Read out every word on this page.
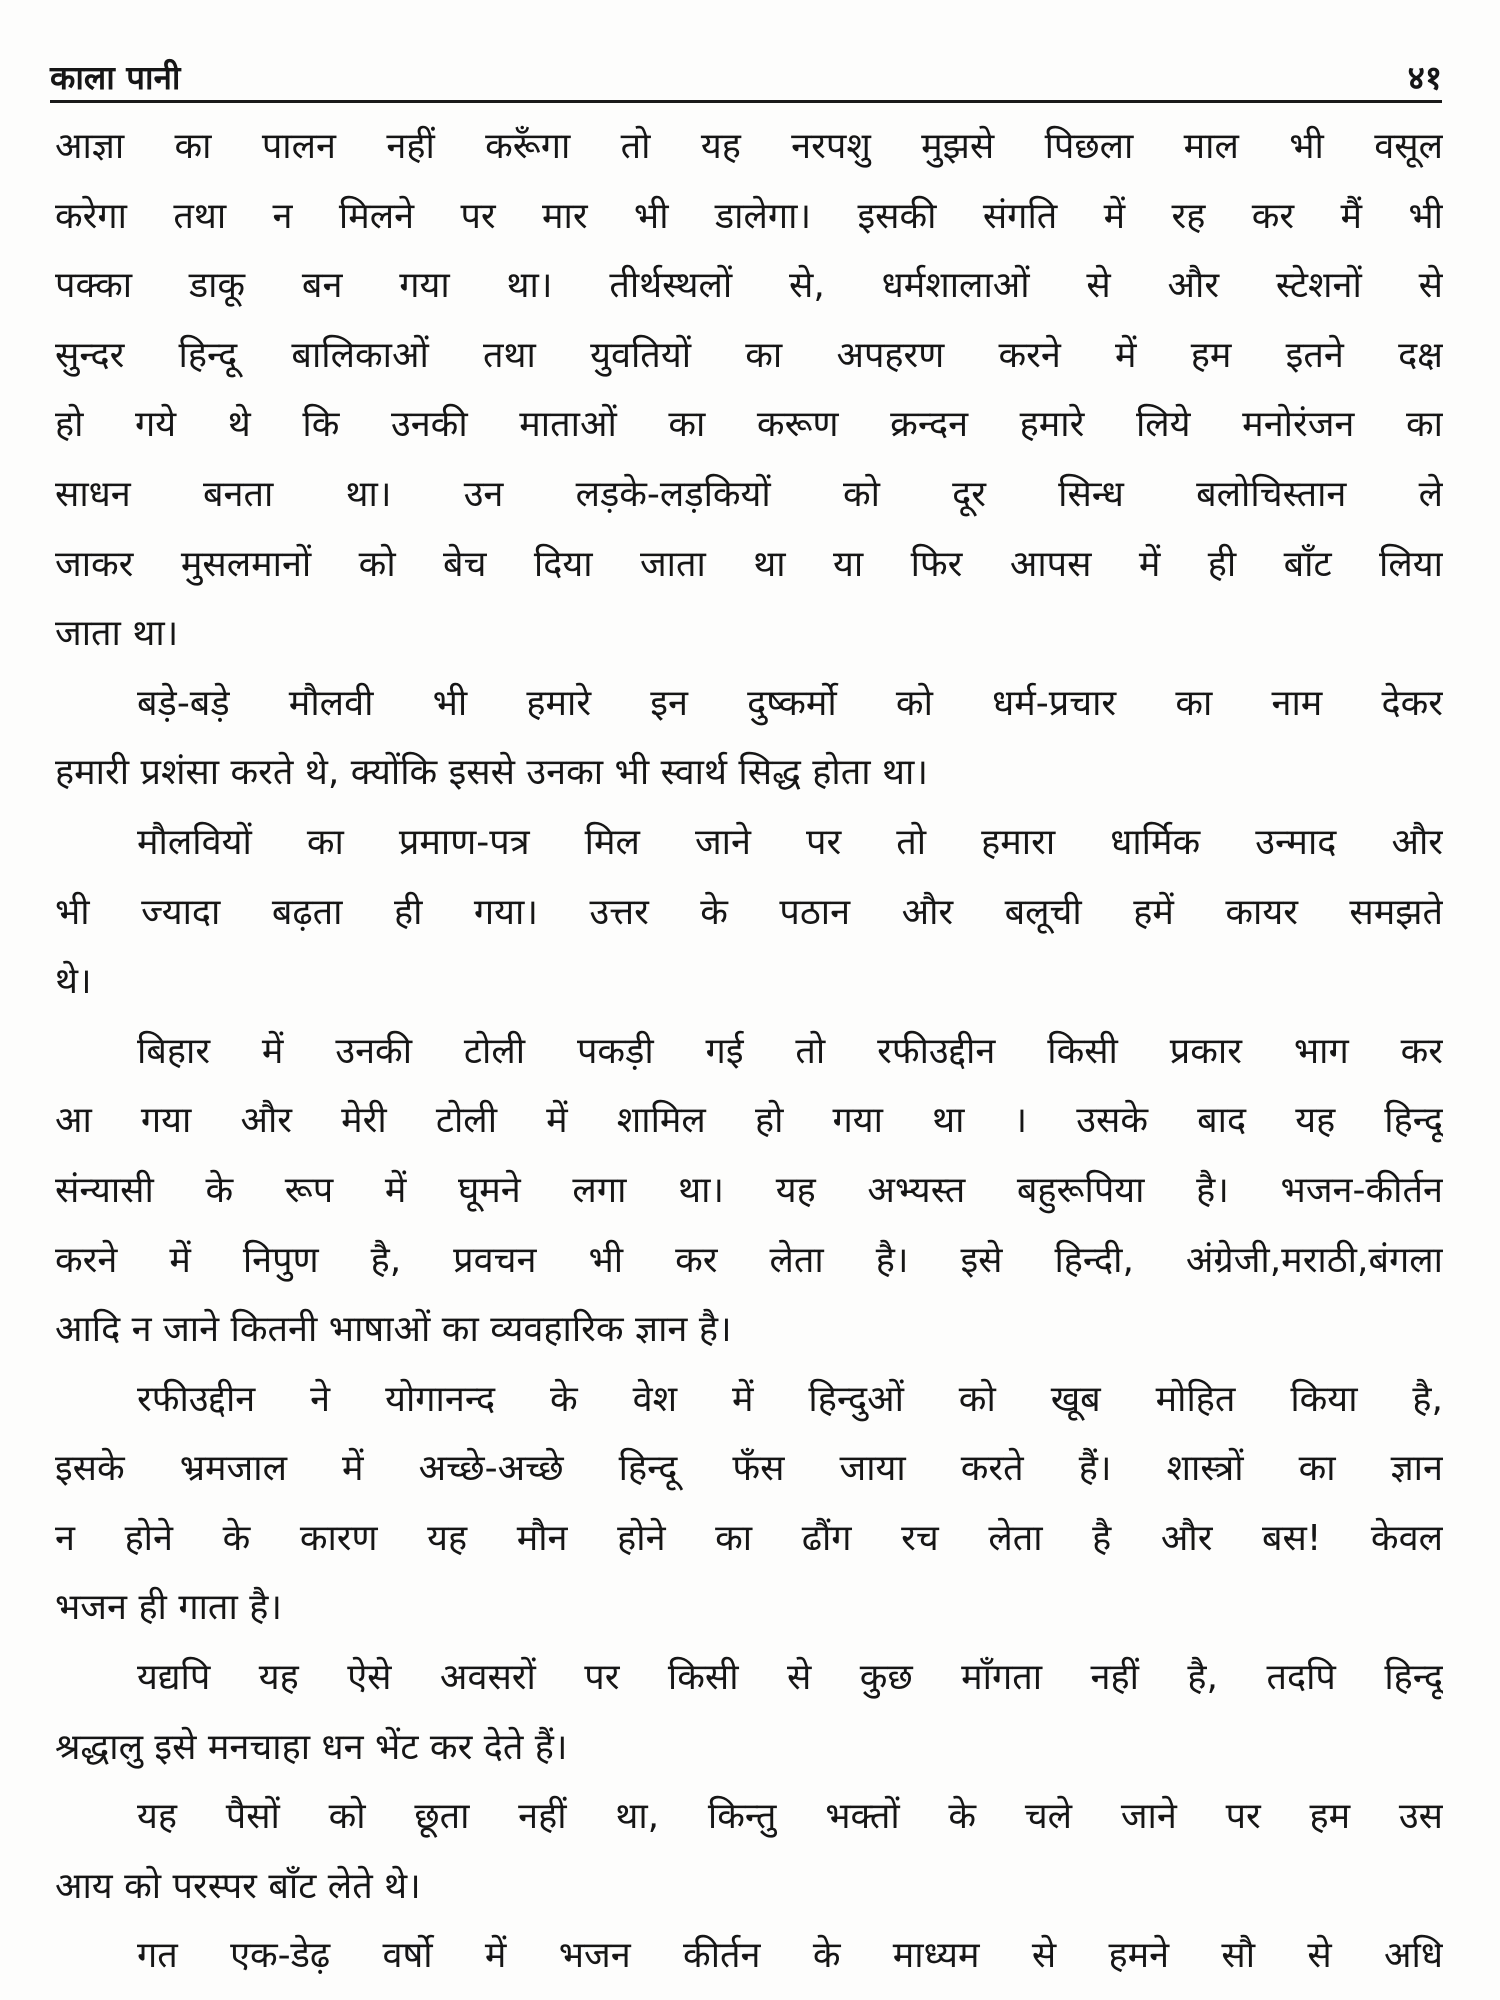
काला पानी	४१
आज्ञा का पालन नहीं करूँगा तो यह नरपशु मुझसे पिछला माल भी वसूल
करेगा तथा न मिलने पर मार भी डालेगा। इसकी संगति में रह कर मैं भी
पक्का डाकू बन गया था। तीर्थस्थलों से, धर्मशालाओं से और स्टेशनों से
सुन्दर हिन्दू बालिकाओं तथा युवतियों का अपहरण करने में हम इतने दक्ष
हो गये थे कि उनकी माताओं का करूण क्रन्दन हमारे लिये मनोरंजन का
साधन बनता था। उन लड़के-लड़कियों को दूर सिन्ध बलोचिस्तान ले
जाकर मुसलमानों को बेच दिया जाता था या फिर आपस में ही बाँट लिया
जाता था।
बड़े-बड़े मौलवी भी हमारे इन दुष्कर्मो को धर्म-प्रचार का नाम देकर
हमारी प्रशंसा करते थे, क्योंकि इससे उनका भी स्वार्थ सिद्ध होता था।
मौलवियों का प्रमाण-पत्र मिल जाने पर तो हमारा धार्मिक उन्माद और
भी ज्यादा बढ़ता ही गया। उत्तर के पठान और बलूची हमें कायर समझते
थे।
बिहार में उनकी टोली पकड़ी गई तो रफीउद्दीन किसी प्रकार भाग कर
आ गया और मेरी टोली में शामिल हो गया था । उसके बाद यह हिन्दू
संन्यासी के रूप में घूमने लगा था। यह अभ्यस्त बहुरूपिया है। भजन-कीर्तन
करने में निपुण है, प्रवचन भी कर लेता है। इसे हिन्दी, अंग्रेजी,मराठी,बंगला
आदि न जाने कितनी भाषाओं का व्यवहारिक ज्ञान है।
रफीउद्दीन ने योगानन्द के वेश में हिन्दुओं को खूब मोहित किया है,
इसके भ्रमजाल में अच्छे-अच्छे हिन्दू फँस जाया करते हैं। शास्त्रों का ज्ञान
न होने के कारण यह मौन होने का ढौंग रच लेता है और बस! केवल
भजन ही गाता है।
यद्यपि यह ऐसे अवसरों पर किसी से कुछ माँगता नहीं है, तदपि हिन्दू
श्रद्धालु इसे मनचाहा धन भेंट कर देते हैं।
यह पैसों को छूता नहीं था, किन्तु भक्तों के चले जाने पर हम उस
आय को परस्पर बाँट लेते थे।
गत एक-डेढ़ वर्षो में भजन कीर्तन के माध्यम से हमने सौ से अधि
